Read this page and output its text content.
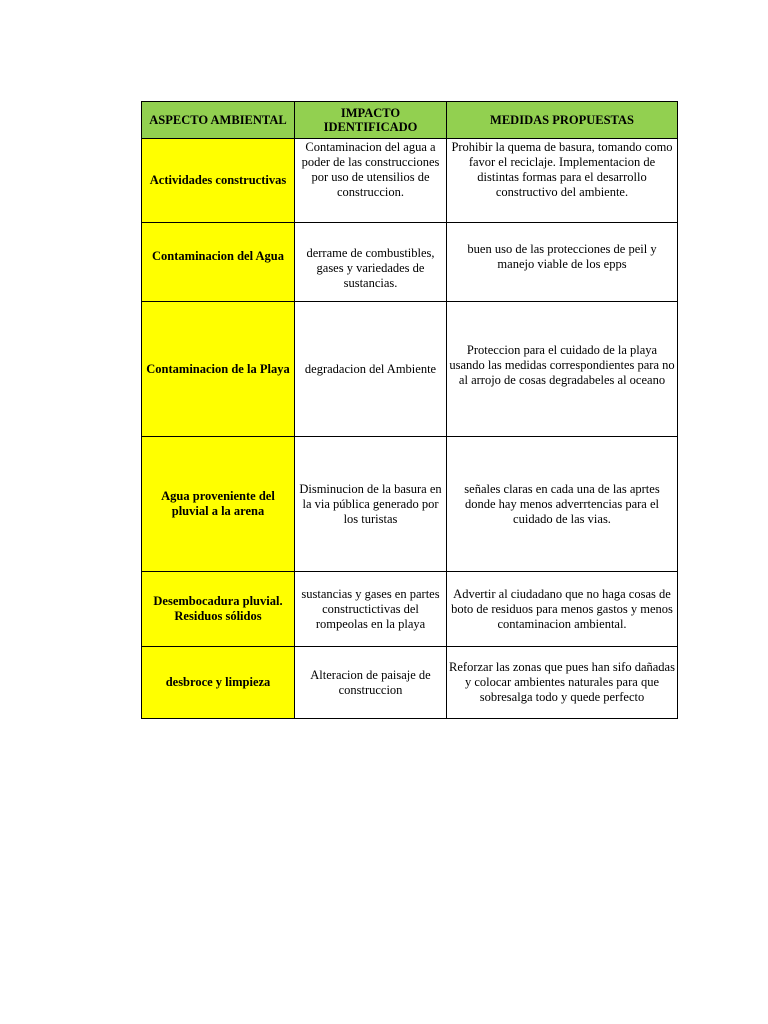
ASPECTO AMBIENTAL	IMPACTO IDENTIFICADO	MEDIDAS PROPUESTAS
Actividades constructivas	Contaminacion del agua a poder de las construcciones por uso de utensilios de construccion.	Prohibir la quema de basura, tomando como favor el reciclaje. Implementacion de distintas formas para el desarrollo constructivo del ambiente.
Contaminacion del Agua	derrame de combustibles, gases y variedades de sustancias.	buen uso de las protecciones de peil y manejo viable de los epps
Contaminacion de la Playa	degradacion del Ambiente	Proteccion para el cuidado de la playa usando las medidas correspondientes para no al arrojo de cosas degradabeles al oceano
Agua proveniente del pluvial a la arena	Disminucion de la basura en la via pública generado por los turistas	señales claras en cada una de las aprtes donde hay menos adverrtencias para el cuidado de las vias.
Desembocadura pluvial. Residuos sólidos	sustancias y gases en partes constructictivas del rompeolas en la playa	Advertir al ciudadano que no haga cosas de boto de residuos para menos gastos y menos contaminacion ambiental.
desbroce y limpieza	Alteracion de paisaje de construccion	Reforzar las zonas que pues han sifo dañadas y colocar ambientes naturales para que sobresalga todo y quede perfecto
